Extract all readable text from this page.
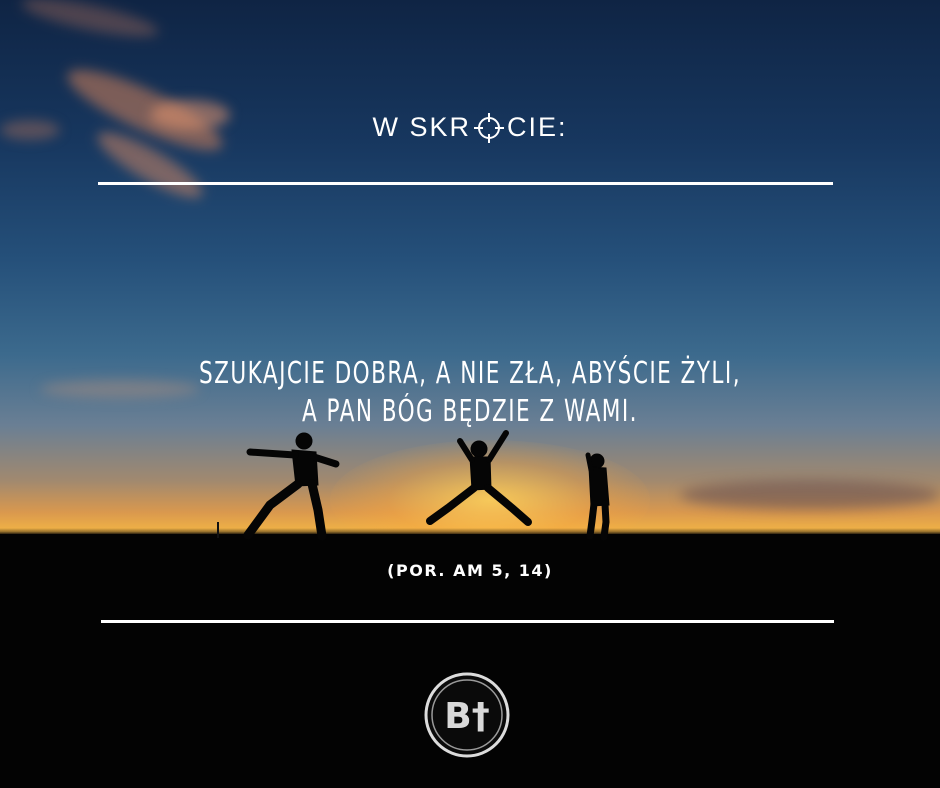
W SKR CIE:
SZUKAJCIE DOBRA, A NIE ZŁA, ABYŚCIE ŻYLI,
A PAN BÓG BĘDZIE Z WAMI.
(POR. AM 5, 14)
B†
